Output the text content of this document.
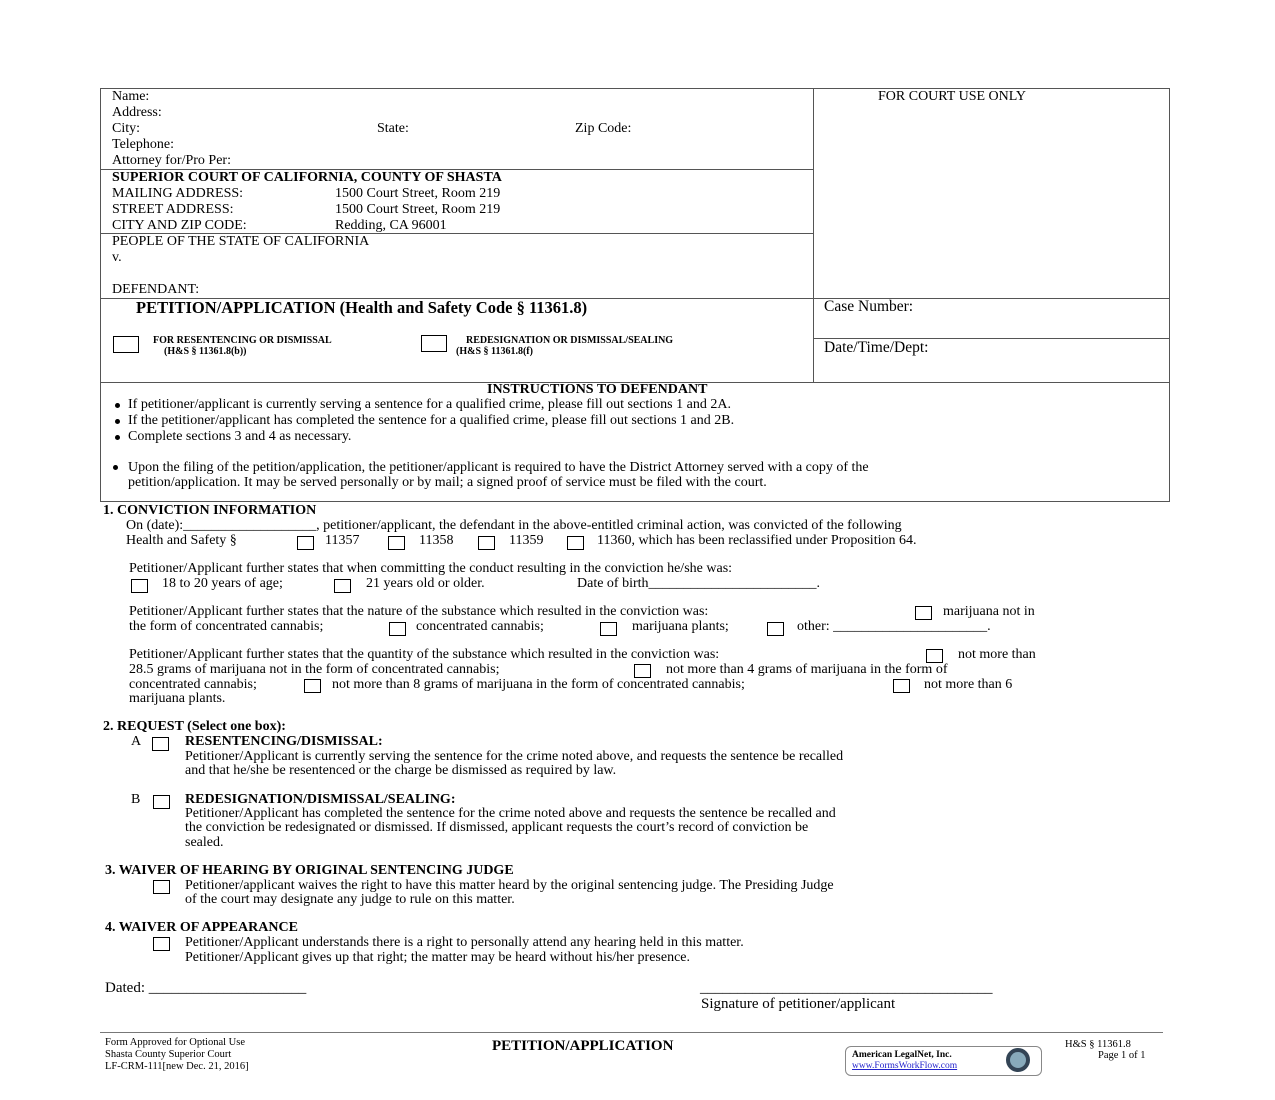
Name:
Address:
City:	State:	Zip Code:
Telephone:
Attorney for/Pro Per:
FOR COURT USE ONLY
SUPERIOR COURT OF CALIFORNIA, COUNTY OF SHASTA
MAILING ADDRESS:	1500 Court Street, Room 219
STREET ADDRESS:	1500 Court Street, Room 219
CITY AND ZIP CODE:	Redding, CA 96001
PEOPLE OF THE STATE OF CALIFORNIA
v.
DEFENDANT:
PETITION/APPLICATION (Health and Safety Code § 11361.8)
FOR RESENTENCING OR DISMISSAL
(H&S § 11361.8(b))
REDESIGNATION OR DISMISSAL/SEALING
(H&S § 11361.8(f)
Case Number:
Date/Time/Dept:
INSTRUCTIONS TO DEFENDANT
If petitioner/applicant is currently serving a sentence for a qualified crime, please fill out sections 1 and 2A.
If the petitioner/applicant has completed the sentence for a qualified crime, please fill out sections 1 and 2B.
Complete sections 3 and 4 as necessary.
Upon the filing of the petition/application, the petitioner/applicant is required to have the District Attorney served with a copy of the
petition/application. It may be served personally or by mail; a signed proof of service must be filed with the court.
1. CONVICTION INFORMATION
On (date):___________________, petitioner/applicant, the defendant in the above-entitled criminal action, was convicted of the following
Health and Safety §	11357	11358	11359	11360, which has been reclassified under Proposition 64.
Petitioner/Applicant further states that when committing the conduct resulting in the conviction he/she was:
18 to 20 years of age;	21 years old or older.	Date of birth________________________.
Petitioner/Applicant further states that the nature of the substance which resulted in the conviction was:	marijuana not in
the form of concentrated cannabis;	concentrated cannabis;	marijuana plants;	other: ______________________.
Petitioner/Applicant further states that the quantity of the substance which resulted in the conviction was:	not more than
28.5 grams of marijuana not in the form of concentrated cannabis;	not more than 4 grams of marijuana in the form of
concentrated cannabis;	not more than 8 grams of marijuana in the form of concentrated cannabis;	not more than 6
marijuana plants.
2. REQUEST (Select one box):
A	RESENTENCING/DISMISSAL:
Petitioner/Applicant is currently serving the sentence for the crime noted above, and requests the sentence be recalled
and that he/she be resentenced or the charge be dismissed as required by law.
B	REDESIGNATION/DISMISSAL/SEALING:
Petitioner/Applicant has completed the sentence for the crime noted above and requests the sentence be recalled and
the conviction be redesignated or dismissed. If dismissed, applicant requests the court’s record of conviction be
sealed.
3. WAIVER OF HEARING BY ORIGINAL SENTENCING JUDGE
Petitioner/applicant waives the right to have this matter heard by the original sentencing judge. The Presiding Judge
of the court may designate any judge to rule on this matter.
4. WAIVER OF APPEARANCE
Petitioner/Applicant understands there is a right to personally attend any hearing held in this matter.
Petitioner/Applicant gives up that right; the matter may be heard without his/her presence.
Dated: _____________________	_______________________________________
Signature of petitioner/applicant
Form Approved for Optional Use
Shasta County Superior Court
LF-CRM-111[new Dec. 21, 2016]
PETITION/APPLICATION
American LegalNet, Inc.
www.FormsWorkFlow.com
H&S § 11361.8
Page 1 of 1
